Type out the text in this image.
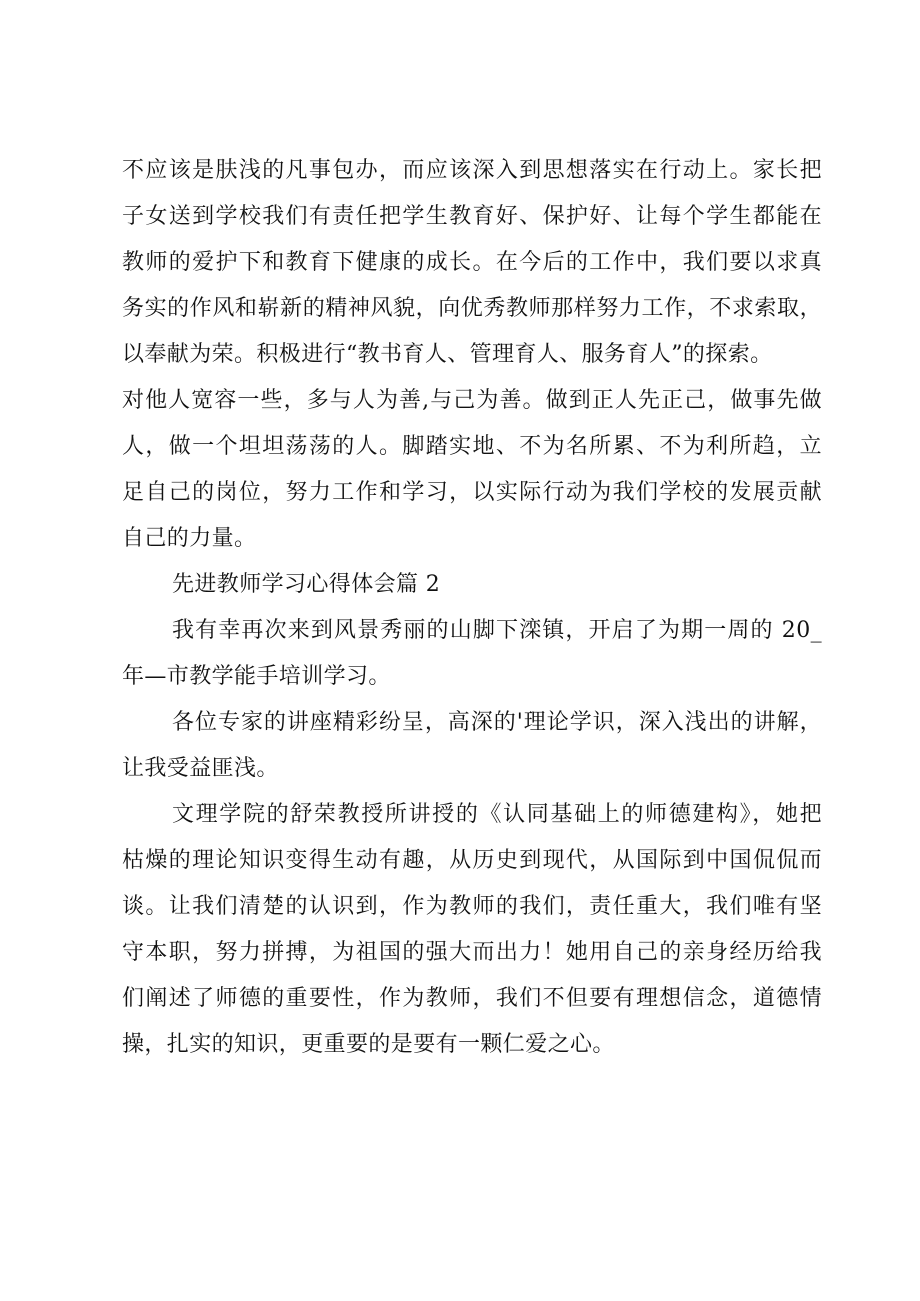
不应该是肤浅的凡事包办，而应该深入到思想落实在行动上。家长把
子女送到学校我们有责任把学生教育好、保护好、让每个学生都能在
教师的爱护下和教育下健康的成长。在今后的工作中，我们要以求真
务实的作风和崭新的精神风貌，向优秀教师那样努力工作，不求索取，
以奉献为荣。积极进行“教书育人、管理育人、服务育人”的探索。
对他人宽容一些，多与人为善,与己为善。做到正人先正己，做事先做
人，做一个坦坦荡荡的人。脚踏实地、不为名所累、不为利所趋，立
足自己的岗位，努力工作和学习，以实际行动为我们学校的发展贡献
自己的力量。
先进教师学习心得体会篇 2
我有幸再次来到风景秀丽的山脚下滦镇，开启了为期一周的 20_
年—市教学能手培训学习。
各位专家的讲座精彩纷呈，高深的'理论学识，深入浅出的讲解，
让我受益匪浅。
文理学院的舒荣教授所讲授的《认同基础上的师德建构》，她把
枯燥的理论知识变得生动有趣，从历史到现代，从国际到中国侃侃而
谈。让我们清楚的认识到，作为教师的我们，责任重大，我们唯有坚
守本职，努力拼搏，为祖国的强大而出力！她用自己的亲身经历给我
们阐述了师德的重要性，作为教师，我们不但要有理想信念，道德情
操，扎实的知识，更重要的是要有一颗仁爱之心。
